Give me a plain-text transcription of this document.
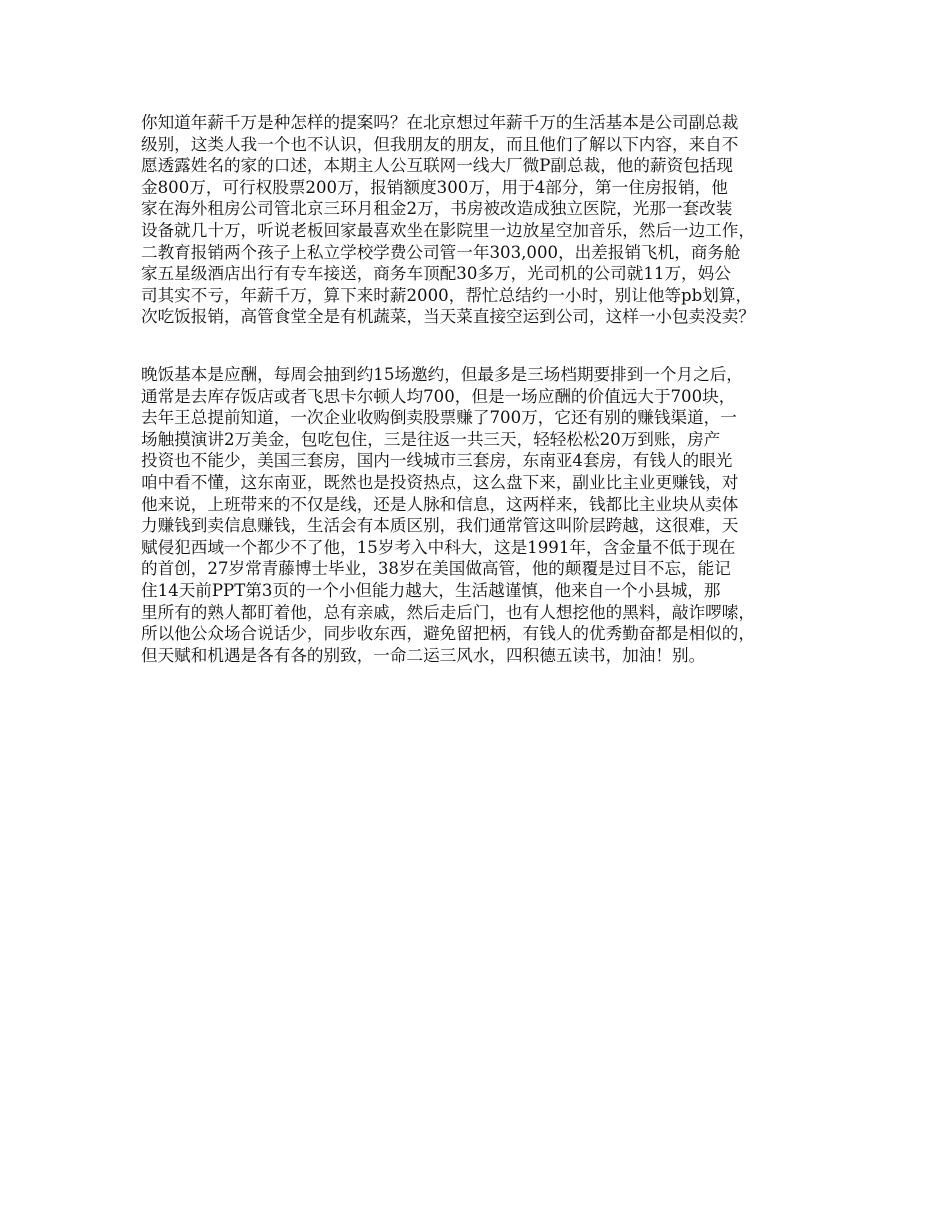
你知道年薪千万是种怎样的提案吗？在北京想过年薪千万的生活基本是公司副总裁
级别，这类人我一个也不认识，但我朋友的朋友，而且他们了解以下内容，来自不
愿透露姓名的家的口述，本期主人公互联网一线大厂微P副总裁，他的薪资包括现
金800万，可行权股票200万，报销额度300万，用于4部分，第一住房报销，他
家在海外租房公司管北京三环月租金2万，书房被改造成独立医院，光那一套改装
设备就几十万，听说老板回家最喜欢坐在影院里一边放星空加音乐，然后一边工作，
二教育报销两个孩子上私立学校学费公司管一年303,000，出差报销飞机，商务舱
家五星级酒店出行有专车接送，商务车顶配30多万，光司机的公司就11万，妈公
司其实不亏，年薪千万，算下来时薪2000，帮忙总结约一小时，别让他等pb划算，
次吃饭报销，高管食堂全是有机蔬菜，当天菜直接空运到公司，这样一小包卖没卖？
晚饭基本是应酬，每周会抽到约15场邀约，但最多是三场档期要排到一个月之后，
通常是去库存饭店或者飞思卡尔顿人均700，但是一场应酬的价值远大于700块，
去年王总提前知道，一次企业收购倒卖股票赚了700万，它还有别的赚钱渠道，一
场触摸演讲2万美金，包吃包住，三是往返一共三天，轻轻松松20万到账，房产
投资也不能少，美国三套房，国内一线城市三套房，东南亚4套房，有钱人的眼光
咱中看不懂，这东南亚，既然也是投资热点，这么盘下来，副业比主业更赚钱，对
他来说，上班带来的不仅是线，还是人脉和信息，这两样来，钱都比主业块从卖体
力赚钱到卖信息赚钱，生活会有本质区别，我们通常管这叫阶层跨越，这很难，天
赋侵犯西域一个都少不了他，15岁考入中科大，这是1991年，含金量不低于现在
的首创，27岁常青藤博士毕业，38岁在美国做高管，他的颠覆是过目不忘，能记
住14天前PPT第3页的一个小但能力越大，生活越谨慎，他来自一个小县城，那
里所有的熟人都盯着他，总有亲戚，然后走后门，也有人想挖他的黑料，敲诈啰嗦，
所以他公众场合说话少，同步收东西，避免留把柄，有钱人的优秀勤奋都是相似的，
但天赋和机遇是各有各的别致，一命二运三风水，四积德五读书，加油！别。
